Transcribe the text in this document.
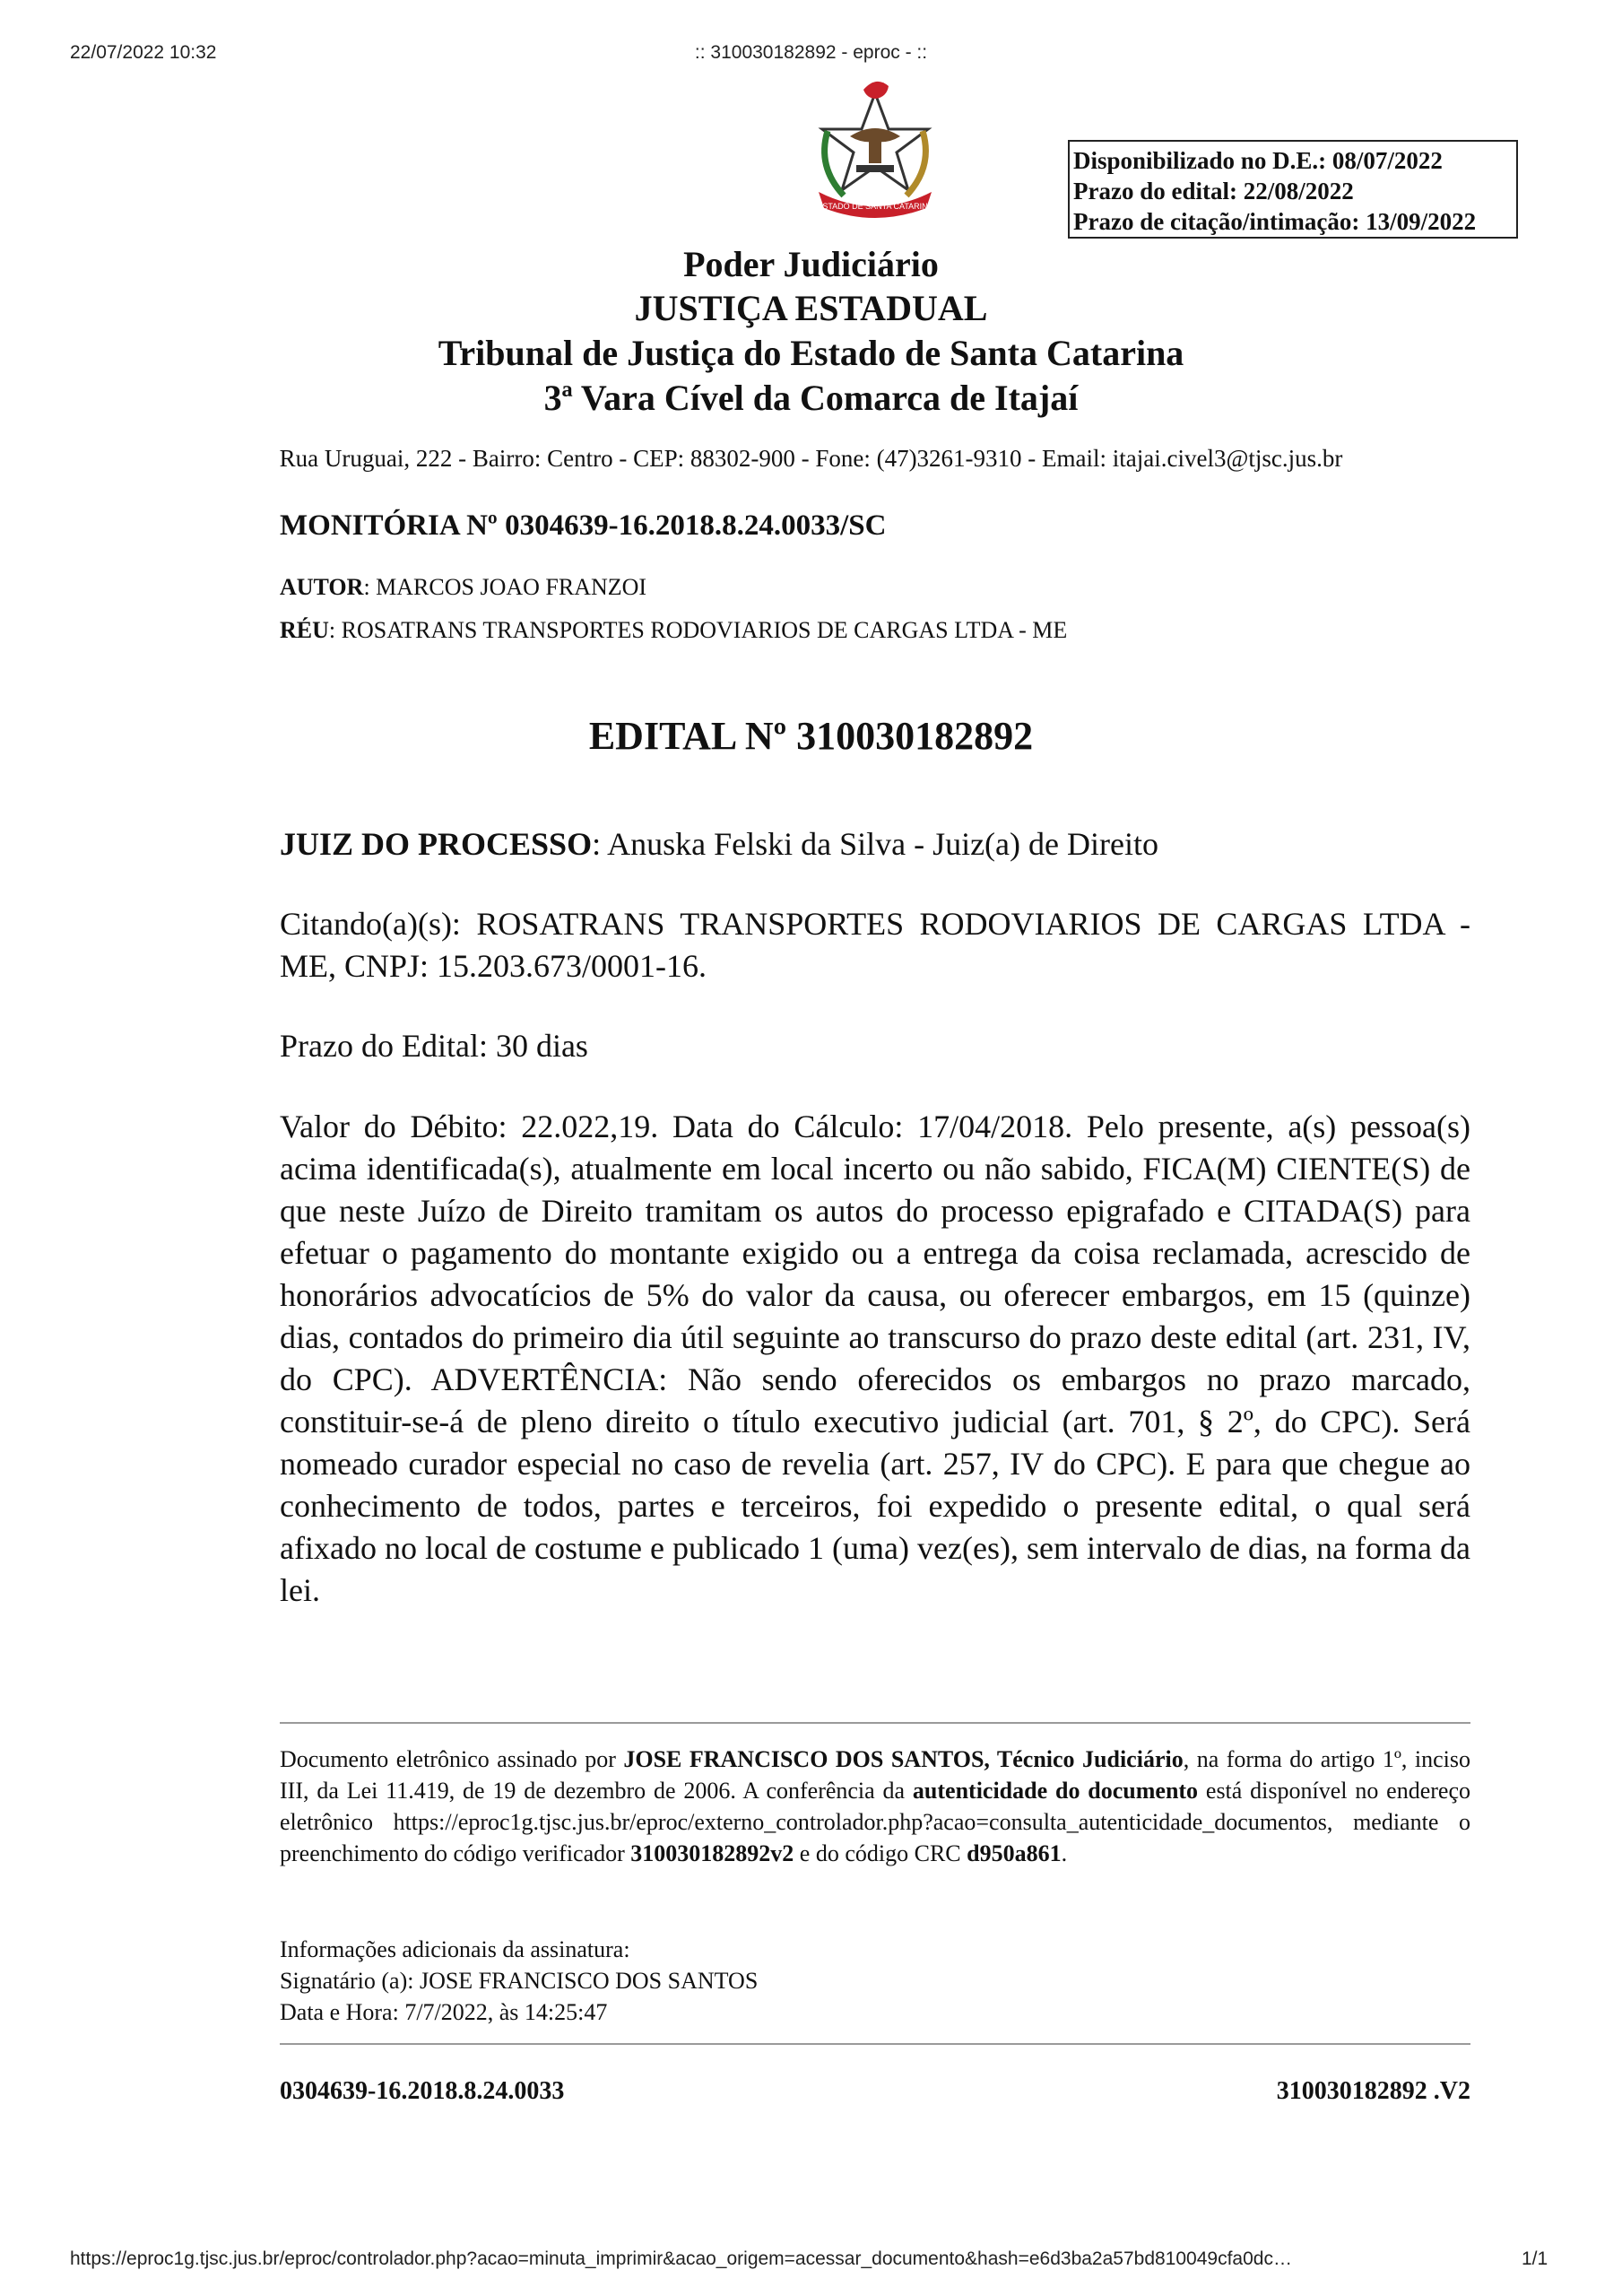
22/07/2022 10:32	:: 310030182892 - eproc - ::
ESTADO DE SANTA CATARINA
Disponibilizado no D.E.: 08/07/2022
Prazo do edital: 22/08/2022
Prazo de citação/intimação: 13/09/2022
Poder Judiciário
JUSTIÇA ESTADUAL
Tribunal de Justiça do Estado de Santa Catarina
3ª Vara Cível da Comarca de Itajaí
Rua Uruguai, 222 - Bairro: Centro - CEP: 88302-900 - Fone: (47)3261-9310 - Email: itajai.civel3@tjsc.jus.br
MONITÓRIA Nº 0304639-16.2018.8.24.0033/SC
AUTOR: MARCOS JOAO FRANZOI
RÉU: ROSATRANS TRANSPORTES RODOVIARIOS DE CARGAS LTDA - ME
EDITAL Nº 310030182892
JUIZ DO PROCESSO: Anuska Felski da Silva - Juiz(a) de Direito
Citando(a)(s): ROSATRANS TRANSPORTES RODOVIARIOS DE CARGAS LTDA - ME, CNPJ: 15.203.673/0001-16.
Prazo do Edital: 30 dias
Valor do Débito: 22.022,19. Data do Cálculo: 17/04/2018. Pelo presente, a(s) pessoa(s) acima identificada(s), atualmente em local incerto ou não sabido, FICA(M) CIENTE(S) de que neste Juízo de Direito tramitam os autos do processo epigrafado e CITADA(S) para efetuar o pagamento do montante exigido ou a entrega da coisa reclamada, acrescido de honorários advocatícios de 5% do valor da causa, ou oferecer embargos, em 15 (quinze) dias, contados do primeiro dia útil seguinte ao transcurso do prazo deste edital (art. 231, IV, do CPC). ADVERTÊNCIA: Não sendo oferecidos os embargos no prazo marcado, constituir-se-á de pleno direito o título executivo judicial (art. 701, § 2º, do CPC). Será nomeado curador especial no caso de revelia (art. 257, IV do CPC). E para que chegue ao conhecimento de todos, partes e terceiros, foi expedido o presente edital, o qual será afixado no local de costume e publicado 1 (uma) vez(es), sem intervalo de dias, na forma da lei.
Documento eletrônico assinado por JOSE FRANCISCO DOS SANTOS, Técnico Judiciário, na forma do artigo 1º, inciso III, da Lei 11.419, de 19 de dezembro de 2006. A conferência da autenticidade do documento está disponível no endereço eletrônico https://eproc1g.tjsc.jus.br/eproc/externo_controlador.php?acao=consulta_autenticidade_documentos, mediante o preenchimento do código verificador 310030182892v2 e do código CRC d950a861.
Informações adicionais da assinatura:
Signatário (a): JOSE FRANCISCO DOS SANTOS
Data e Hora: 7/7/2022, às 14:25:47
0304639-16.2018.8.24.0033	310030182892 .V2
https://eproc1g.tjsc.jus.br/eproc/controlador.php?acao=minuta_imprimir&acao_origem=acessar_documento&hash=e6d3ba2a57bd810049cfa0dc…	1/1
